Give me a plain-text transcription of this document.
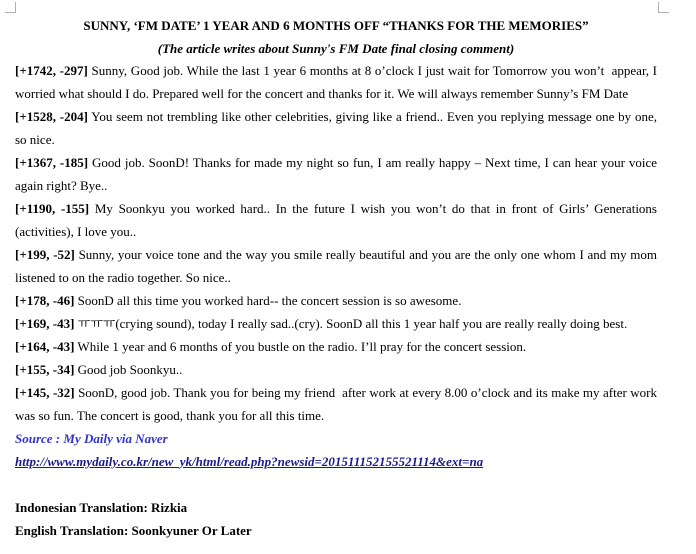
SUNNY, ‘FM DATE’ 1 YEAR AND 6 MONTHS OFF “THANKS FOR THE MEMORIES”
(The article writes about Sunny's FM Date final closing comment)
[+1742, -297] Sunny, Good job. While the last 1 year 6 months at 8 o’clock I just wait for Tomorrow you won’t  appear, I worried what should I do. Prepared well for the concert and thanks for it. We will always remember Sunny’s FM Date
[+1528, -204] You seem not trembling like other celebrities, giving like a friend.. Even you replying message one by one, so nice.
[+1367, -185] Good job. SoonD! Thanks for made my night so fun, I am really happy – Next time, I can hear your voice again right? Bye..
[+1190, -155] My Soonkyu you worked hard.. In the future I wish you won’t do that in front of Girls’ Generations (activities), I love you..
[+199, -52] Sunny, your voice tone and the way you smile really beautiful and you are the only one whom I and my mom listened to on the radio together. So nice..
[+178, -46] SoonD all this time you worked hard-- the concert session is so awesome.
[+169, -43] ㅠㅠㅠ(crying sound), today I really sad..(cry). SoonD all this 1 year half you are really really doing best.
[+164, -43] While 1 year and 6 months of you bustle on the radio. I’ll pray for the concert session.
[+155, -34] Good job Soonkyu..
[+145, -32] SoonD, good job. Thank you for being my friend  after work at every 8.00 o’clock and its make my after work was so fun. The concert is good, thank you for all this time.
Source : My Daily via Naver
http://www.mydaily.co.kr/new_yk/html/read.php?newsid=201511152155521114&ext=na
Indonesian Translation: Rizkia
English Translation: Soonkyuner Or Later
